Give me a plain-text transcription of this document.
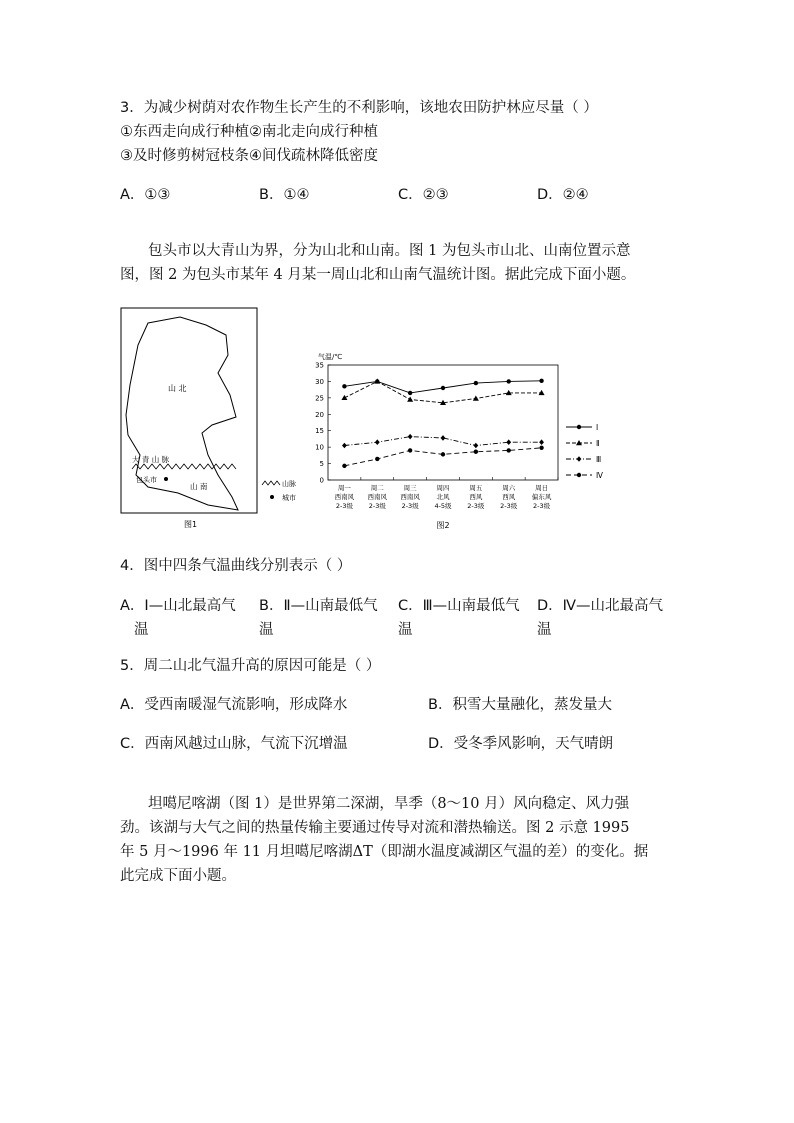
3．为减少树荫对农作物生长产生的不利影响，该地农田防护林应尽量（ ）
①东西走向成行种植②南北走向成行种植
③及时修剪树冠枝条④间伐疏林降低密度
A．①③	B．①④	C．②③	D．②④
包头市以大青山为界，分为山北和山南。图 1 为包头市山北、山南位置示意
图，图 2 为包头市某年 4 月某一周山北和山南气温统计图。据此完成下面小题。
山 北
大 青 山 脉
包头市
山 南	山脉
城市
图1
气温/℃
0
5
10
15
20
25
30
35
周一
西南风
2-3级
周二
西南风
2-3级
周三
西南风
2-3级
周四
北风
4-5级
周五
西风
2-3级
周六
西风
2-3级
周日
偏东风
2-3级
Ⅰ
Ⅱ
Ⅲ
Ⅳ
图2
4．图中四条气温曲线分别表示（ ）
A．Ⅰ—山北最高气
温
B．Ⅱ—山南最低气
温
C．Ⅲ—山南最低气
温
D．Ⅳ—山北最高气
温
5．周二山北气温升高的原因可能是（ ）
A．受西南暖湿气流影响，形成降水	B．积雪大量融化，蒸发量大
C．西南风越过山脉，气流下沉增温	D．受冬季风影响，天气晴朗
坦噶尼喀湖（图 1）是世界第二深湖，旱季（8～10 月）风向稳定、风力强
劲。该湖与大气之间的热量传输主要通过传导对流和潜热输送。图 2 示意 1995
年 5 月～1996 年 11 月坦噶尼喀湖ΔT（即湖水温度减湖区气温的差）的变化。据
此完成下面小题。
